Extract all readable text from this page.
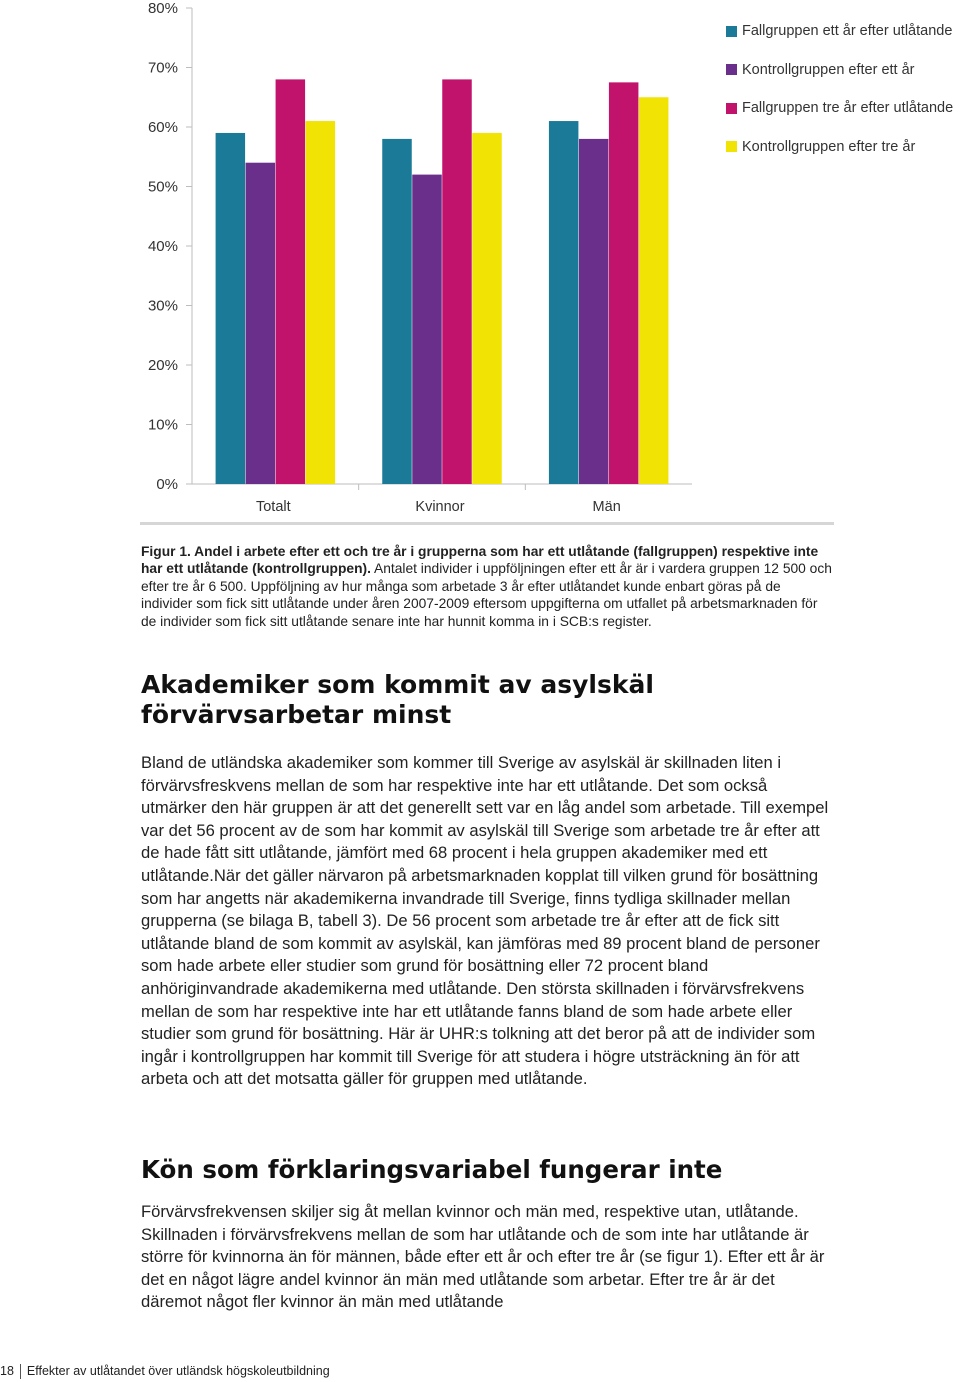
0%
10%
20%
30%
40%
50%
60%
70%
80%
Totalt	Kvinnor	Män
Fallgruppen ett år efter utlåtande
Kontrollgruppen efter ett år
Fallgruppen tre år efter utlåtande
Kontrollgruppen efter tre år
Figur 1. Andel i arbete efter ett och tre år i grupperna som har ett utlåtande (fallgruppen) respektive inte har ett utlåtande (kontrollgruppen). Antalet individer i uppföljningen efter ett år är i vardera gruppen 12 500 och efter tre år 6 500. Uppföljning av hur många som arbetade 3 år efter utlåtandet kunde enbart göras på de individer som fick sitt utlåtande under åren 2007-2009 eftersom uppgifterna om utfallet på arbetsmarknaden för de individer som fick sitt utlåtande senare inte har hunnit komma in i SCB:s register.
Akademiker som kommit av asylskäl förvärvsarbetar minst

Bland de utländska akademiker som kommer till Sverige av asylskäl är skillnaden liten i förvärvsfreskvens mellan de som har respektive inte har ett utlåtande. Det som också utmärker den här gruppen är att det generellt sett var en låg andel som arbetade. Till exempel var det 56 procent av de som har kommit av asylskäl till Sverige som arbetade tre år efter att de hade fått sitt utlåtande, jämfört med 68 procent i hela gruppen akademiker med ett utlåtande.När det gäller närvaron på arbetsmarknaden kopplat till vilken grund för bosättning som har angetts när akademikerna invandrade till Sverige, finns tydliga skillnader mellan grupperna (se bilaga B, tabell 3). De 56 procent som arbetade tre år efter att de fick sitt utlåtande bland de som kommit av asylskäl, kan jämföras med 89 procent bland de personer som hade arbete eller studier som grund för bosättning eller 72 procent bland anhöriginvandrade akademikerna med utlåtande. Den största skillnaden i förvärvsfrekvens mellan de som har respektive inte har ett utlåtande fanns bland de som hade arbete eller studier som grund för bosättning. Här är UHR:s tolkning att det beror på att de individer som ingår i kontrollgruppen har kommit till Sverige för att studera i högre utsträckning än för att arbeta och att det motsatta gäller för gruppen med utlåtande.

Kön som förklaringsvariabel fungerar inte

Förvärvsfrekvensen skiljer sig åt mellan kvinnor och män med, respektive utan, utlåtande. Skillnaden i förvärvsfrekvens mellan de som har utlåtande och de som inte har utlåtande är större för kvinnorna än för männen, både efter ett år och efter tre år (se figur 1). Efter ett år är det en något lägre andel kvinnor än män med utlåtande som arbetar. Efter tre år är det däremot något fler kvinnor än män med utlåtande

18 Effekter av utlåtandet över utländsk högskoleutbildning
